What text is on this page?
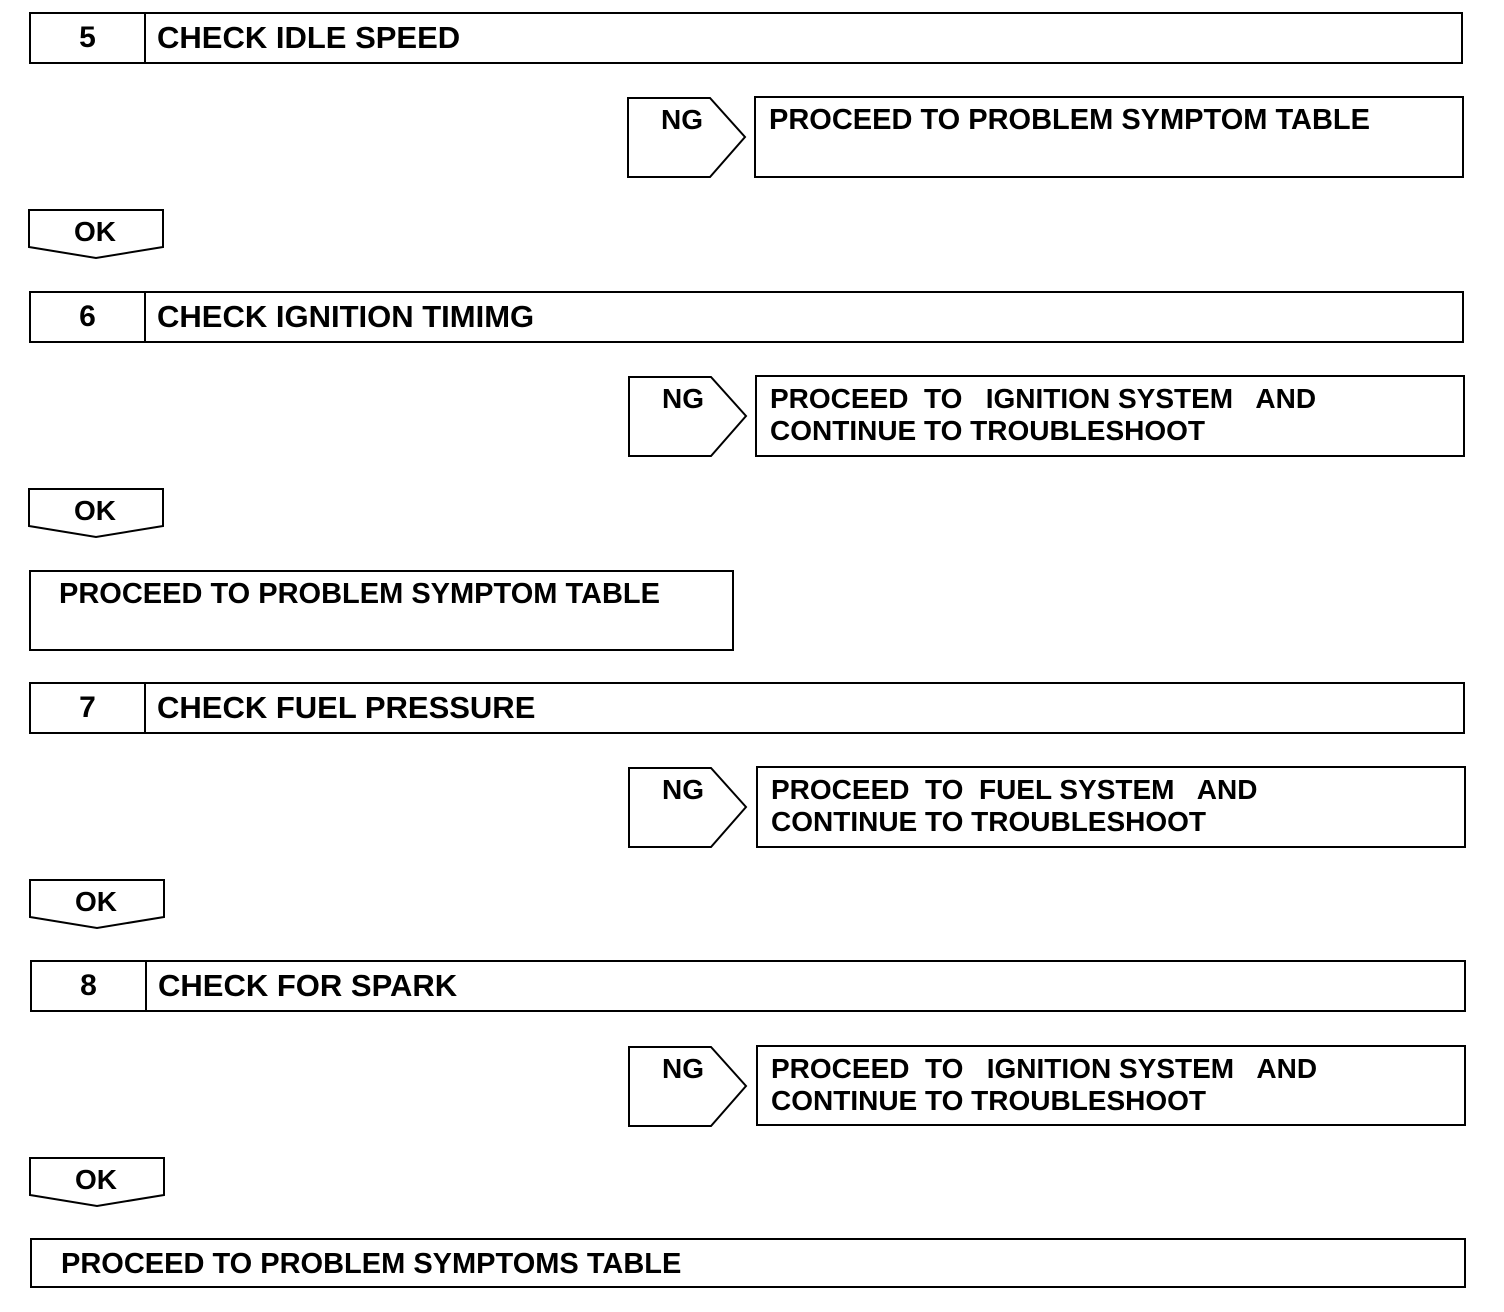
5	CHECK IDLE SPEED
NG	PROCEED TO PROBLEM SYMPTOM TABLE
OK
6	CHECK IGNITION TIMIMG
NG	PROCEED  TO   IGNITION SYSTEM   AND
CONTINUE TO TROUBLESHOOT
OK
PROCEED TO PROBLEM SYMPTOM TABLE
7	CHECK FUEL PRESSURE
NG	PROCEED  TO  FUEL SYSTEM   AND
CONTINUE TO TROUBLESHOOT
OK
8	CHECK FOR SPARK
NG	PROCEED  TO   IGNITION SYSTEM   AND
CONTINUE TO TROUBLESHOOT
OK
PROCEED TO PROBLEM SYMPTOMS TABLE
